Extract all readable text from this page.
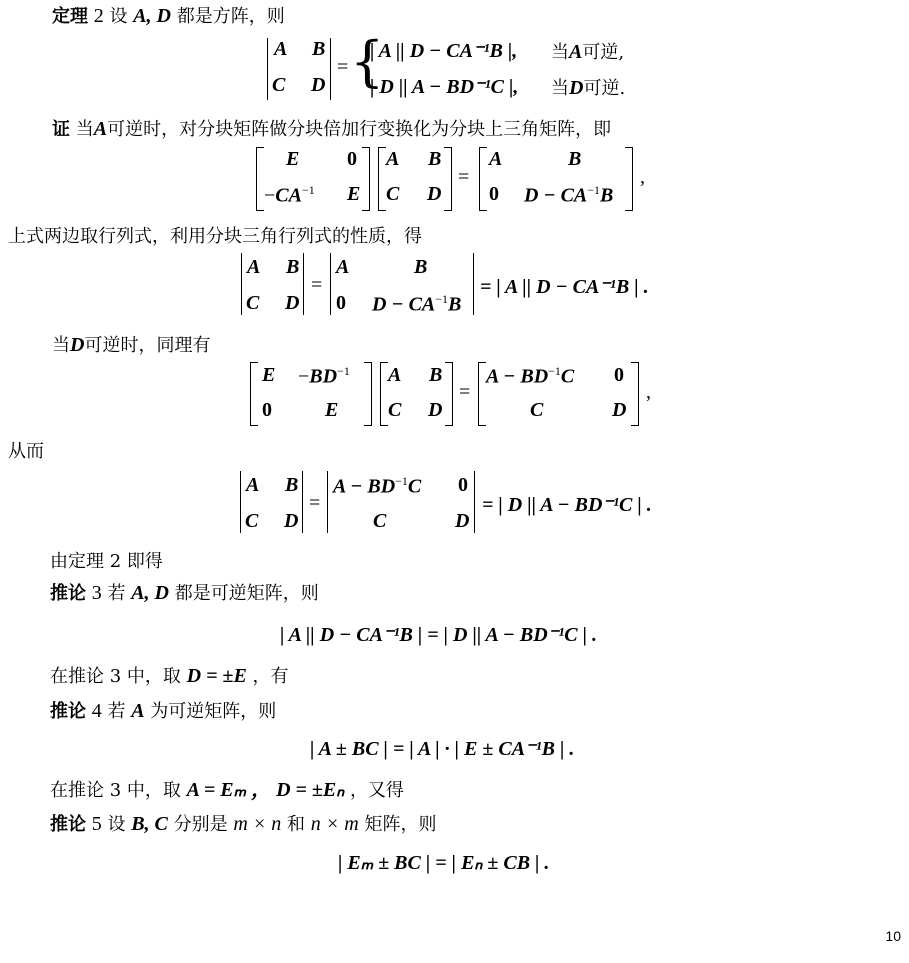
定理 2 设 A, D 都是方阵，则
A B
C D
= {
| A || D − CA⁻¹B |, 当A可逆,
| D || A − BD⁻¹C |, 当D可逆.
证 当A可逆时，对分块矩阵做分块倍加行变换化为分块上三角矩阵，即
E 0
$-CA^{-1}$ E
A B
C D
=
A	B
0 $D - CA^{-1}B$
,
上式两边取行列式，利用分块三角行列式的性质，得
A B
C D
=
A	B
0 $D - CA^{-1}B$
= | A || D − CA⁻¹B | .
当D可逆时，同理有
$E -BD^{-1}$
0	E
A B
C D
=
$A - BD^{-1}C$ 0
C	D
,
从而
A B
C D
=
$A - BD^{-1}C$ 0
C	D
= | D || A − BD⁻¹C | .
由定理 2 即得
推论 3 若 A, D 都是可逆矩阵，则
| A || D − CA⁻¹B | = | D || A − BD⁻¹C | .
在推论 3 中，取 D = ±E ，有
推论 4 若 A 为可逆矩阵，则
| A ± BC | = | A | · | E ± CA⁻¹B | .
在推论 3 中，取 A = Eₘ ， D = ±Eₙ ，又得
推论 5 设 B, C 分别是 m × n 和 n × m 矩阵，则
| Eₘ ± BC | = | Eₙ ± CB | .
10
